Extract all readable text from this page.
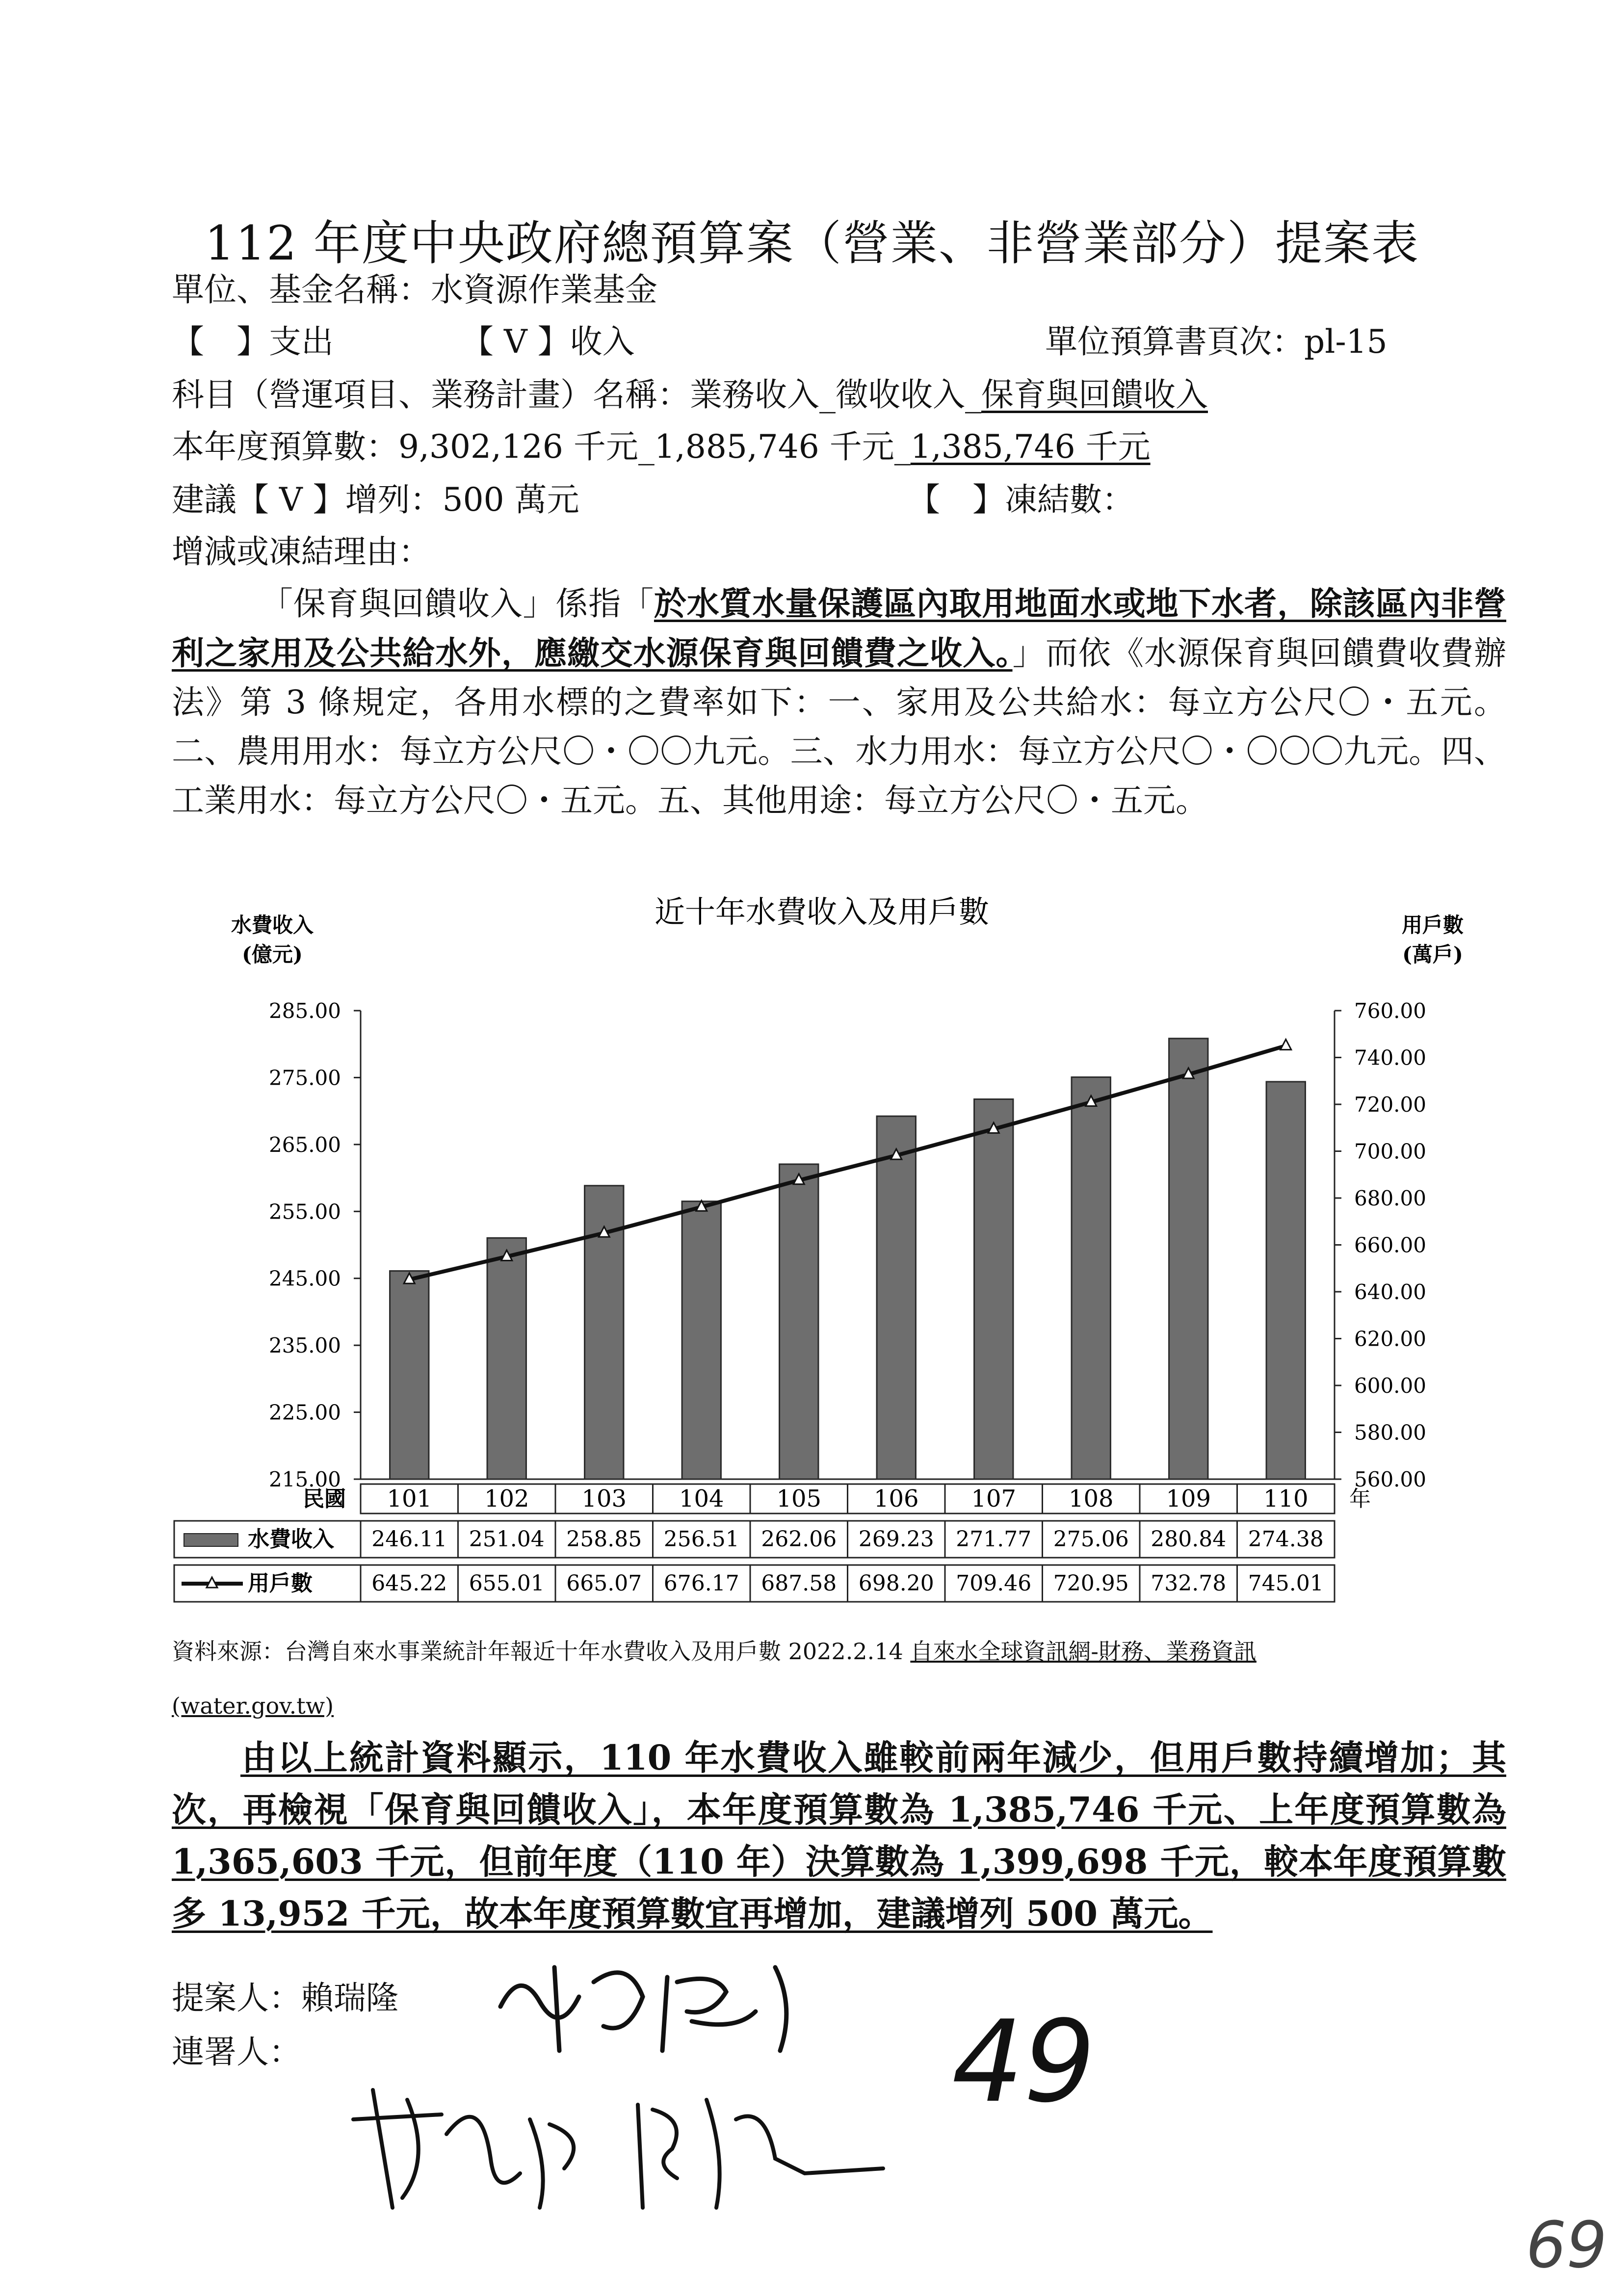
112 年度中央政府總預算案（營業、非營業部分）提案表
單位、基金名稱：水資源作業基金
【　】支出	【 V 】收入	單位預算書頁次：pl-15
科目（營運項目、業務計畫）名稱：業務收入_徵收收入_保育與回饋收入
本年度預算數：9,302,126 千元_1,885,746 千元_1,385,746 千元
建議【 V 】增列：500 萬元	【　】凍結數：
增減或凍結理由：
「保育與回饋收入」係指「於水質水量保護區內取用地面水或地下水者，除該區內非營利之家用及公共給水外，應繳交水源保育與回饋費之收入。」而依《水源保育與回饋費收費辦法》第 3 條規定，各用水標的之費率如下：一、家用及公共給水：每立方公尺〇・五元。二、農用用水：每立方公尺〇・〇〇九元。三、水力用水：每立方公尺〇・〇〇〇九元。四、工業用水：每立方公尺〇・五元。五、其他用途：每立方公尺〇・五元。
近十年水費收入及用戶數
水費收入
(億元)
用戶數
(萬戶)
285.00
275.00
265.00
255.00
245.00
235.00
225.00
215.00
760.00
740.00
720.00
700.00
680.00
660.00
640.00
620.00
600.00
580.00
560.00
民國	年
101 102 103 104 105 106 107 108 109 110
水費收入 246.11 251.04 258.85 256.51 262.06 269.23 271.77 275.06 280.84 274.38
用戶數	645.22 655.01 665.07 676.17 687.58 698.20 709.46 720.95 732.78 745.01
資料來源：台灣自來水事業統計年報近十年水費收入及用戶數 2022.2.14 自來水全球資訊網-財務、業務資訊
(water.gov.tw)
由以上統計資料顯示，110 年水費收入雖較前兩年減少，但用戶數持續增加；其次，再檢視「保育與回饋收入」，本年度預算數為 1,385,746 千元、上年度預算數為 1,365,603 千元，但前年度（110 年）決算數為 1,399,698 千元，較本年度預算數多 13,952 千元，故本年度預算數宜再增加，建議增列 500 萬元。
提案人：賴瑞隆
連署人：	49
69
